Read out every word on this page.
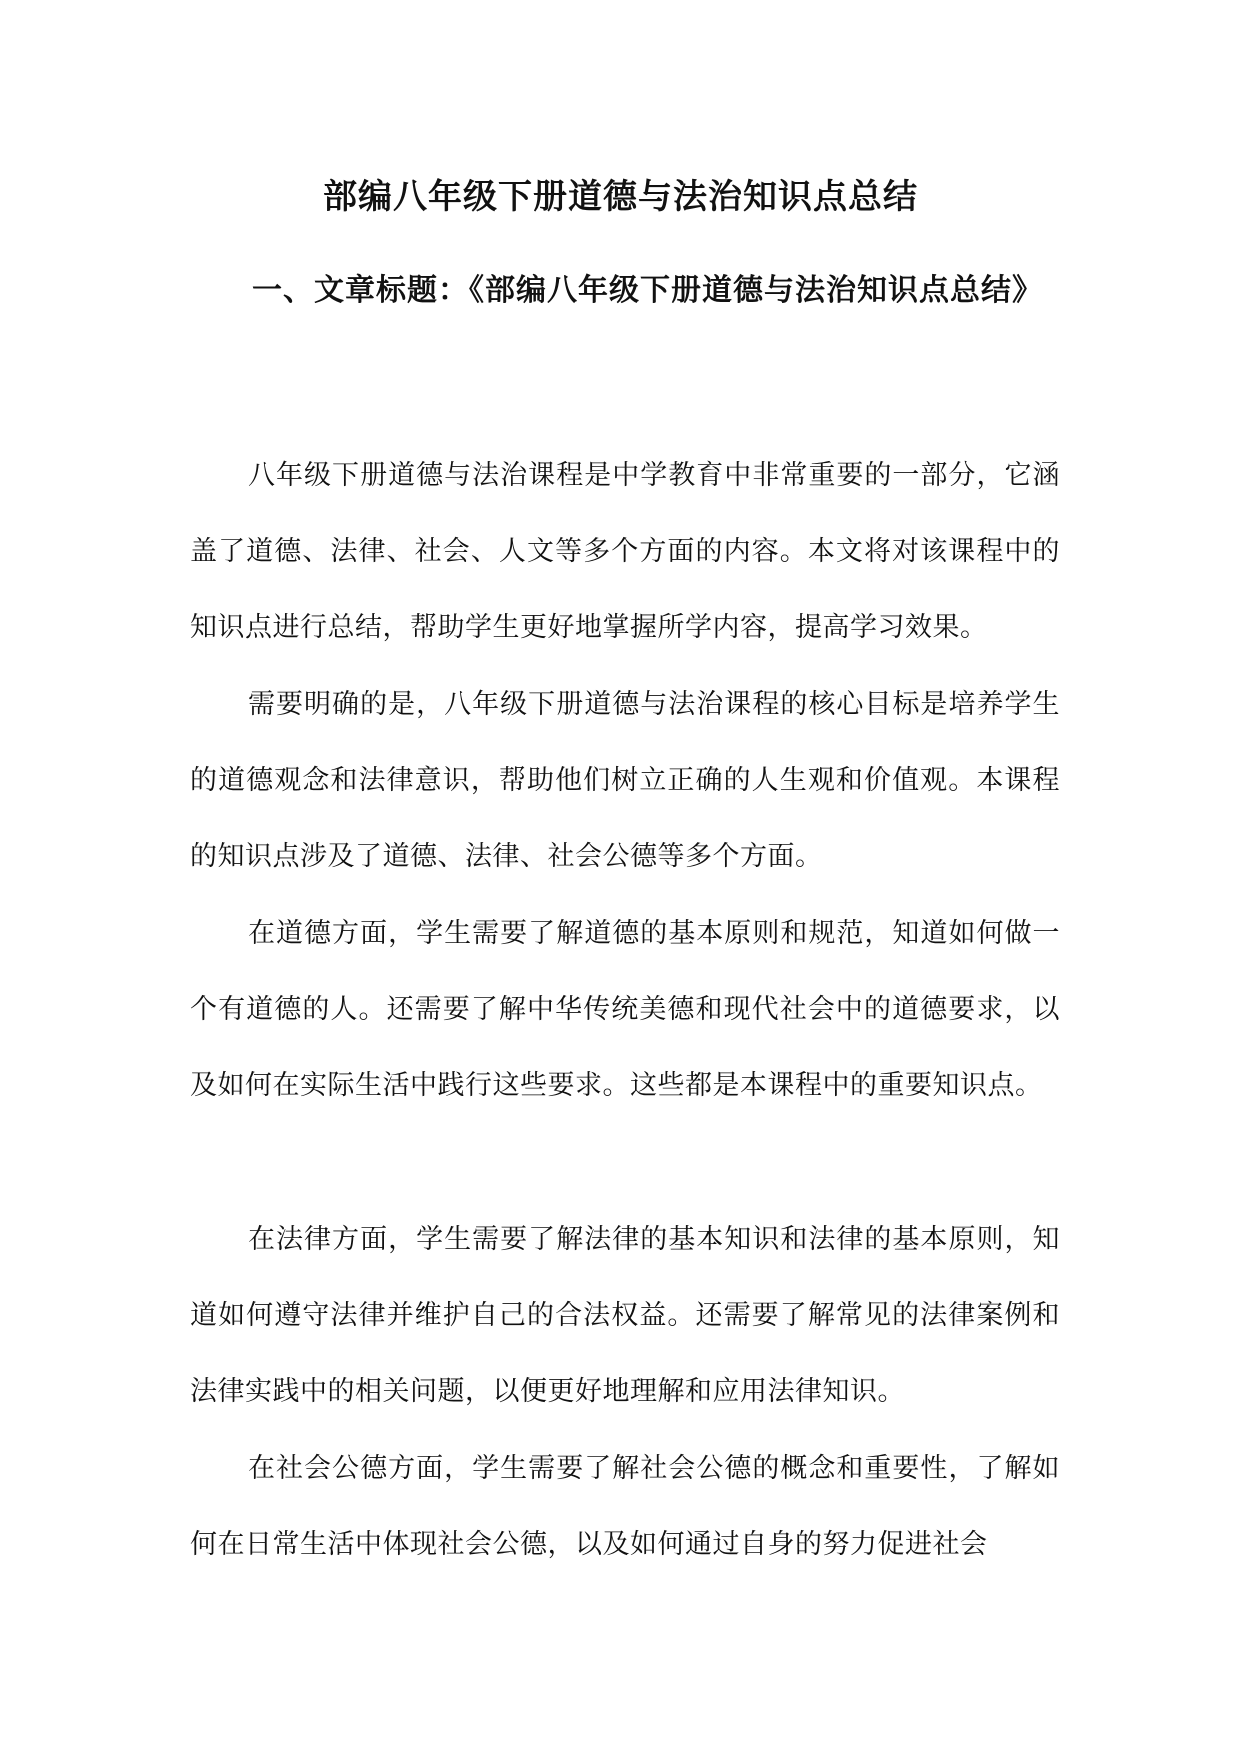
部编八年级下册道德与法治知识点总结
一、文章标题：《部编八年级下册道德与法治知识点总结》

八年级下册道德与法治课程是中学教育中非常重要的一部分，它涵盖了道德、法律、社会、人文等多个方面的内容。本文将对该课程中的知识点进行总结，帮助学生更好地掌握所学内容，提高学习效果。

需要明确的是，八年级下册道德与法治课程的核心目标是培养学生的道德观念和法律意识，帮助他们树立正确的人生观和价值观。本课程的知识点涉及了道德、法律、社会公德等多个方面。

在道德方面，学生需要了解道德的基本原则和规范，知道如何做一个有道德的人。还需要了解中华传统美德和现代社会中的道德要求，以及如何在实际生活中践行这些要求。这些都是本课程中的重要知识点。

在法律方面，学生需要了解法律的基本知识和法律的基本原则，知道如何遵守法律并维护自己的合法权益。还需要了解常见的法律案例和法律实践中的相关问题，以便更好地理解和应用法律知识。

在社会公德方面，学生需要了解社会公德的概念和重要性，了解如何在日常生活中体现社会公德，以及如何通过自身的努力促进社会
